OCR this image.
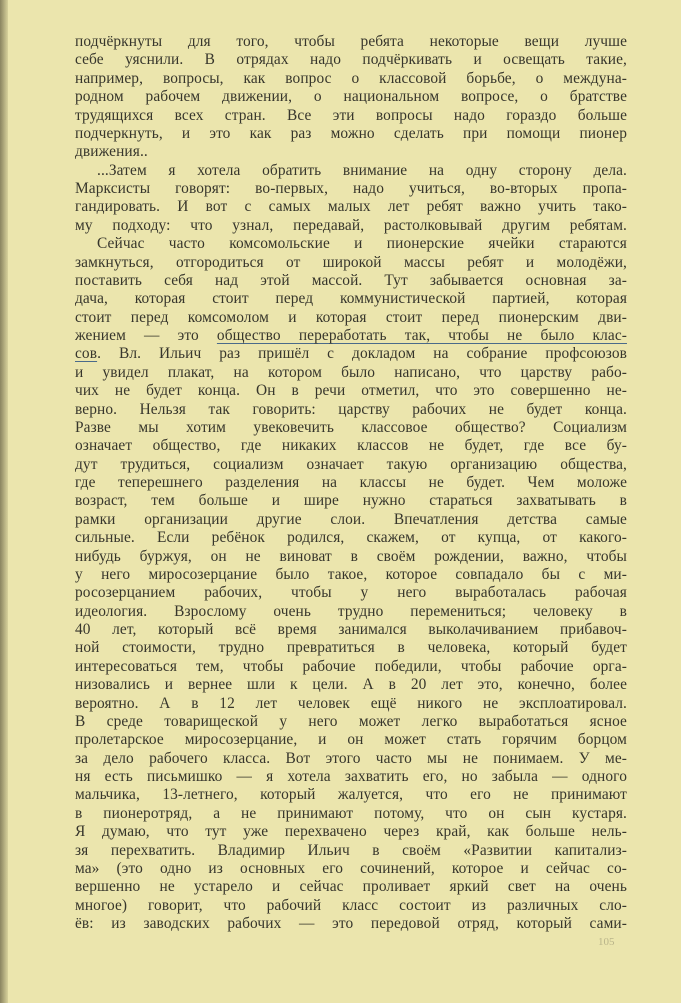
подчёркнуты для того, чтобы ребята некоторые вещи лучше
себе уяснили. В отрядах надо подчёркивать и освещать такие,
например, вопросы, как вопрос о классовой борьбе, о междуна-
родном рабочем движении, о национальном вопросе, о братстве
трудящихся всех стран. Все эти вопросы надо гораздо больше
подчеркнуть, и это как раз можно сделать при помощи пионер
движения..
...Затем я хотела обратить внимание на одну сторону дела.
Марксисты говорят: во-первых, надо учиться, во-вторых пропа-
гандировать. И вот с самых малых лет ребят важно учить тако-
му подходу: что узнал, передавай, растолковывай другим ребятам.
Сейчас часто комсомольские и пионерские ячейки стараются
замкнуться, отгородиться от широкой массы ребят и молодёжи,
поставить себя над этой массой. Тут забывается основная за-
дача, которая стоит перед коммунистической партией, которая
стоит перед комсомолом и которая стоит перед пионерским дви-
жением — это общество переработать так, чтобы не было клас-
сов. Вл. Ильич раз пришёл с докладом на собрание профсоюзов
и увидел плакат, на котором было написано, что царству рабо-
чих не будет конца. Он в речи отметил, что это совершенно не-
верно. Нельзя так говорить: царству рабочих не будет конца.
Разве мы хотим увековечить классовое общество? Социализм
означает общество, где никаких классов не будет, где все бу-
дут трудиться, социализм означает такую организацию общества,
где теперешнего разделения на классы не будет. Чем моложе
возраст, тем больше и шире нужно стараться захватывать в
рамки организации другие слои. Впечатления детства самые
сильные. Если ребёнок родился, скажем, от купца, от какого-
нибудь буржуя, он не виноват в своём рождении, важно, чтобы
у него миросозерцание было такое, которое совпадало бы с ми-
росозерцанием рабочих, чтобы у него выработалась рабочая
идеология. Взрослому очень трудно перемениться; человеку в
40 лет, который всё время занимался выколачиванием прибавоч-
ной стоимости, трудно превратиться в человека, который будет
интересоваться тем, чтобы рабочие победили, чтобы рабочие орга-
низовались и вернее шли к цели. А в 20 лет это, конечно, более
вероятно. А в 12 лет человек ещё никого не эксплоатировал.
В среде товарищеской у него может легко выработаться ясное
пролетарское миросозерцание, и он может стать горячим борцом
за дело рабочего класса. Вот этого часто мы не понимаем. У ме-
ня есть письмишко — я хотела захватить его, но забыла — одного
мальчика, 13-летнего, который жалуется, что его не принимают
в пионеротряд, а не принимают потому, что он сын кустаря.
Я думаю, что тут уже перехвачено через край, как больше нель-
зя перехватить. Владимир Ильич в своём «Развитии капитализ-
ма» (это одно из основных его сочинений, которое и сейчас со-
вершенно не устарело и сейчас проливает яркий свет на очень
многое) говорит, что рабочий класс состоит из различных сло-
ёв: из заводских рабочих — это передовой отряд, который сами-
105
